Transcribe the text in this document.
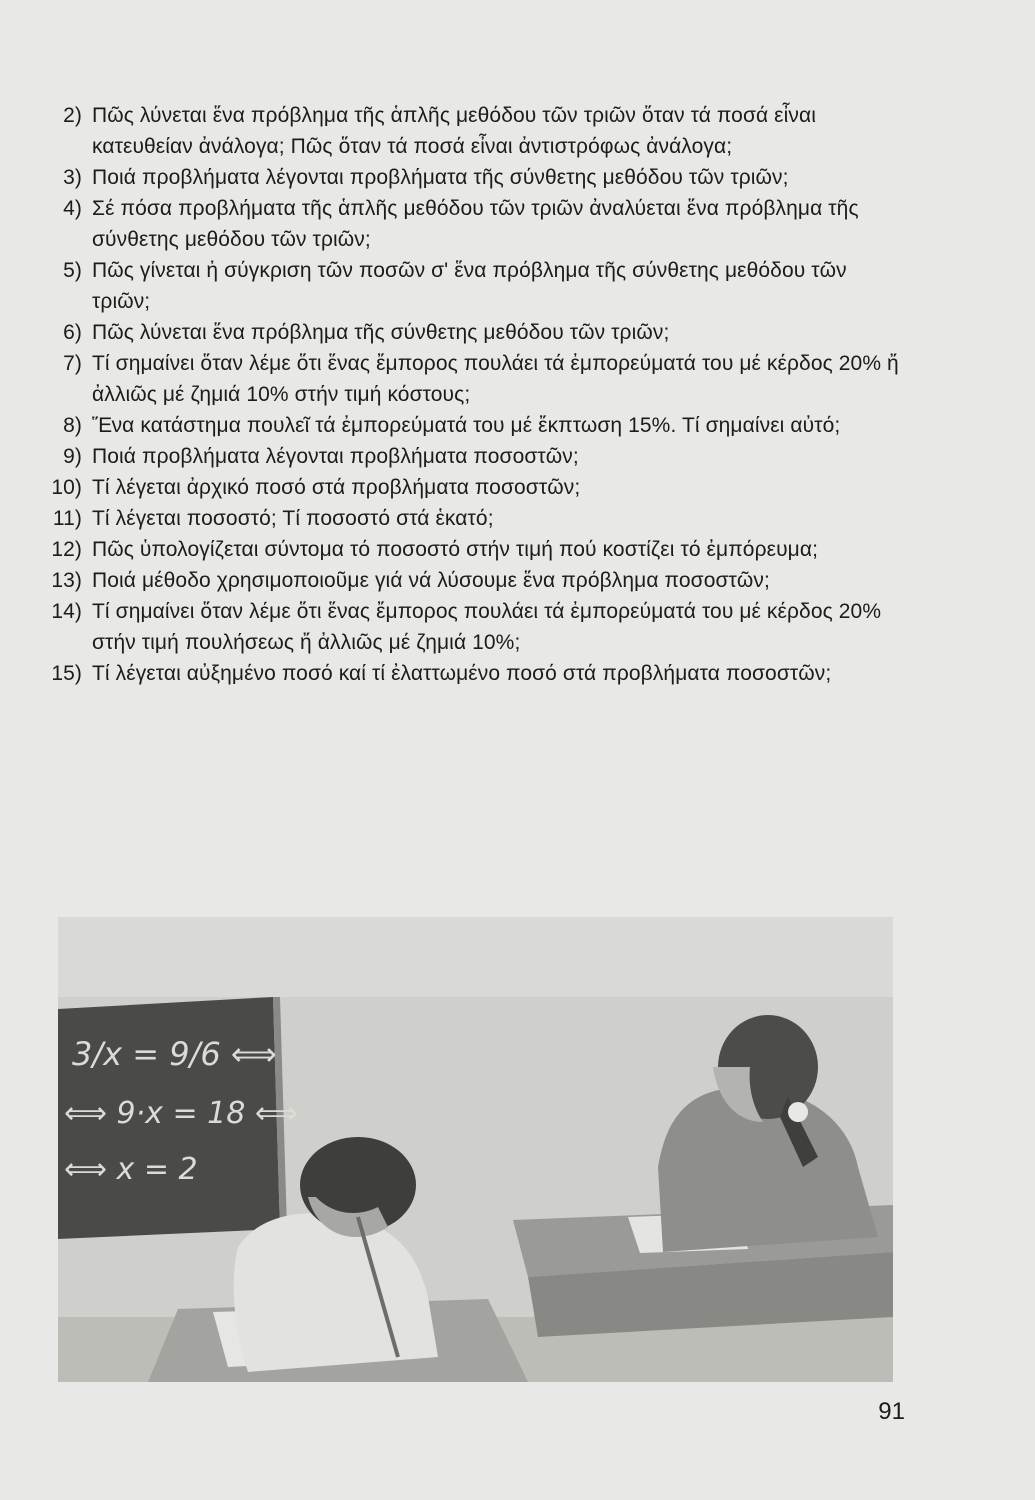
2) Πῶς λύνεται ἕνα πρόβλημα τῆς ἁπλῆς μεθόδου τῶν τριῶν ὅταν τά ποσά εἶναι κατευθείαν ἀνάλογα; Πῶς ὅταν τά ποσά εἶναι ἀντιστρόφως ἀνάλογα;
3) Ποιά προβλήματα λέγονται προβλήματα τῆς σύνθετης μεθόδου τῶν τριῶν;
4) Σέ πόσα προβλήματα τῆς ἁπλῆς μεθόδου τῶν τριῶν ἀναλύεται ἕνα πρόβλημα τῆς σύνθετης μεθόδου τῶν τριῶν;
5) Πῶς γίνεται ἡ σύγκριση τῶν ποσῶν σ' ἕνα πρόβλημα τῆς σύνθετης μεθόδου τῶν τριῶν;
6) Πῶς λύνεται ἕνα πρόβλημα τῆς σύνθετης μεθόδου τῶν τριῶν;
7) Τί σημαίνει ὅταν λέμε ὅτι ἕνας ἔμπορος πουλάει τά ἐμπορεύματά του μέ κέρδος 20% ἤ ἀλλιῶς μέ ζημιά 10% στήν τιμή κόστους;
8) Ἕνα κατάστημα πουλεῖ τά ἐμπορεύματά του μέ ἔκπτωση 15%. Τί σημαίνει αὐτό;
9) Ποιά προβλήματα λέγονται προβλήματα ποσοστῶν;
10) Τί λέγεται ἀρχικό ποσό στά προβλήματα ποσοστῶν;
11) Τί λέγεται ποσοστό; Τί ποσοστό στά ἑκατό;
12) Πῶς ὑπολογίζεται σύντομα τό ποσοστό στήν τιμή πού κοστίζει τό ἐμπόρευμα;
13) Ποιά μέθοδο χρησιμοποιοῦμε γιά νά λύσουμε ἕνα πρόβλημα ποσοστῶν;
14) Τί σημαίνει ὅταν λέμε ὅτι ἕνας ἔμπορος πουλάει τά ἐμπορεύματά του μέ κέρδος 20% στήν τιμή πουλήσεως ἤ ἀλλιῶς μέ ζημιά 10%;
15) Τί λέγεται αὐξημένο ποσό καί τί ἐλαττωμένο ποσό στά προβλήματα ποσοστῶν;
3/x = 9/6 ⟺
⟺ 9·x = 18 ⟺
⟺ x = 2
91
